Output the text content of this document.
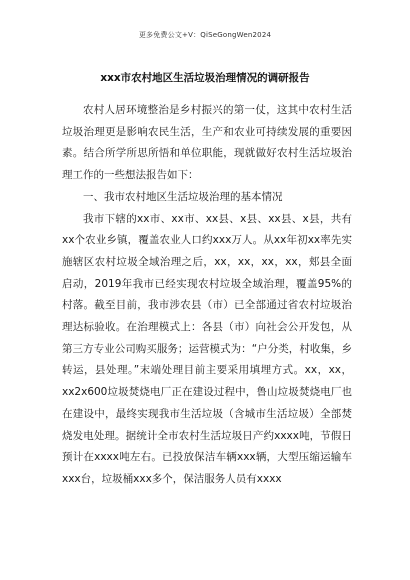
更多免费公文+V：QiSeGongWen2024
xxx市农村地区生活垃圾治理情况的调研报告

农村人居环境整治是乡村振兴的第一仗，这其中农村生活垃圾治理更是影响农民生活，生产和农业可持续发展的重要因素。结合所学所思所悟和单位职能，现就做好农村生活垃圾治理工作的一些想法报告如下：

一、我市农村地区生活垃圾治理的基本情况

我市下辖的xx市、xx市、xx县、x县、xx县、x县，共有xx个农业乡镇，覆盖农业人口约xxx万人。从xx年初xx率先实施辖区农村垃圾全域治理之后，xx，xx，xx，xx，郏县全面启动，2019年我市已经实现农村垃圾全域治理，覆盖95%的村落。截至目前，我市涉农县（市）已全部通过省农村垃圾治理达标验收。在治理模式上：各县（市）向社会公开发包，从第三方专业公司购买服务；运营模式为：“户分类，村收集，乡转运，县处理。”末端处理目前主要采用填埋方式。xx，xx，xx2x600垃圾焚烧电厂正在建设过程中，鲁山垃圾焚烧电厂也在建设中，最终实现我市生活垃圾（含城市生活垃圾）全部焚烧发电处理。据统计全市农村生活垃圾日产约xxxx吨，节假日预计在xxxx吨左右。已投放保洁车辆xxx辆，大型压缩运输车xxx台，垃圾桶xxx多个，保洁服务人员有xxxx
